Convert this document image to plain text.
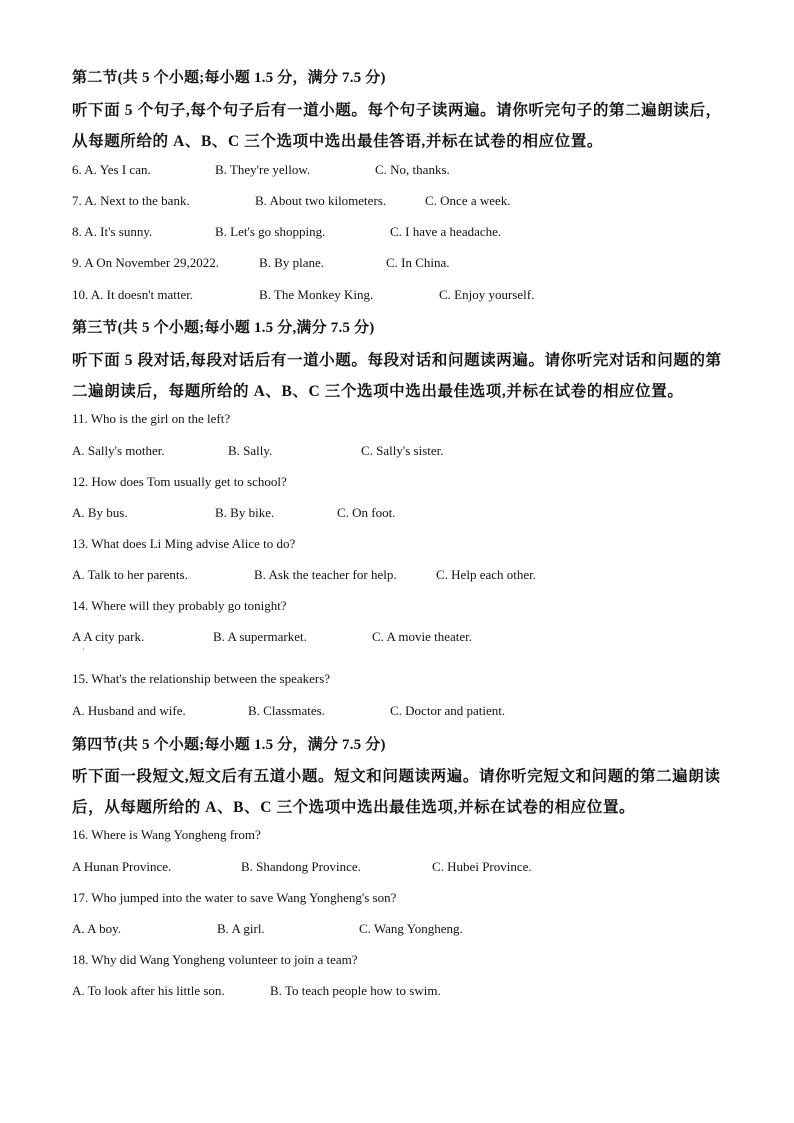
第二节(共 5 个小题;每小题 1.5 分，满分 7.5 分)
听下面 5 个句子,每个句子后有一道小题。每个句子读两遍。请你听完句子的第二遍朗读后，
从每题所给的 A、B、C 三个选项中选出最佳答语,并标在试卷的相应位置。
6. A. Yes I can.	B. They're yellow.	C. No, thanks.
7. A. Next to the bank.	B. About two kilometers.	C. Once a week.
8. A. It's sunny.	B. Let's go shopping.	C. I have a headache.
9. A On November 29,2022.	B. By plane.	C. In China.
10. A. It doesn't matter.	B. The Monkey King.	C. Enjoy yourself.
第三节(共 5 个小题;每小题 1.5 分,满分 7.5 分)
听下面 5 段对话,每段对话后有一道小题。每段对话和问题读两遍。请你听完对话和问题的第
二遍朗读后，每题所给的 A、B、C 三个选项中选出最佳选项,并标在试卷的相应位置。
11. Who is the girl on the left?
A. Sally's mother.	B. Sally.	C. Sally's sister.
12. How does Tom usually get to school?
A. By bus.	B. By bike.	C. On foot.
13. What does Li Ming advise Alice to do?
A. Talk to her parents.	B. Ask the teacher for help.	C. Help each other.
14. Where will they probably go tonight?
A A city park.
·
B. A supermarket.	C. A movie theater.
15. What's the relationship between the speakers?
A. Husband and wife.	B. Classmates.	C. Doctor and patient.
第四节(共 5 个小题;每小题 1.5 分，满分 7.5 分)
听下面一段短文,短文后有五道小题。短文和问题读两遍。请你听完短文和问题的第二遍朗读
后，从每题所给的 A、B、C 三个选项中选出最佳选项,并标在试卷的相应位置。
16. Where is Wang Yongheng from?
A Hunan Province.	B. Shandong Province.	C. Hubei Province.
17. Who jumped into the water to save Wang Yongheng's son?
A. A boy.	B. A girl.	C. Wang Yongheng.
18. Why did Wang Yongheng volunteer to join a team?
A. To look after his little son.	B. To teach people how to swim.
